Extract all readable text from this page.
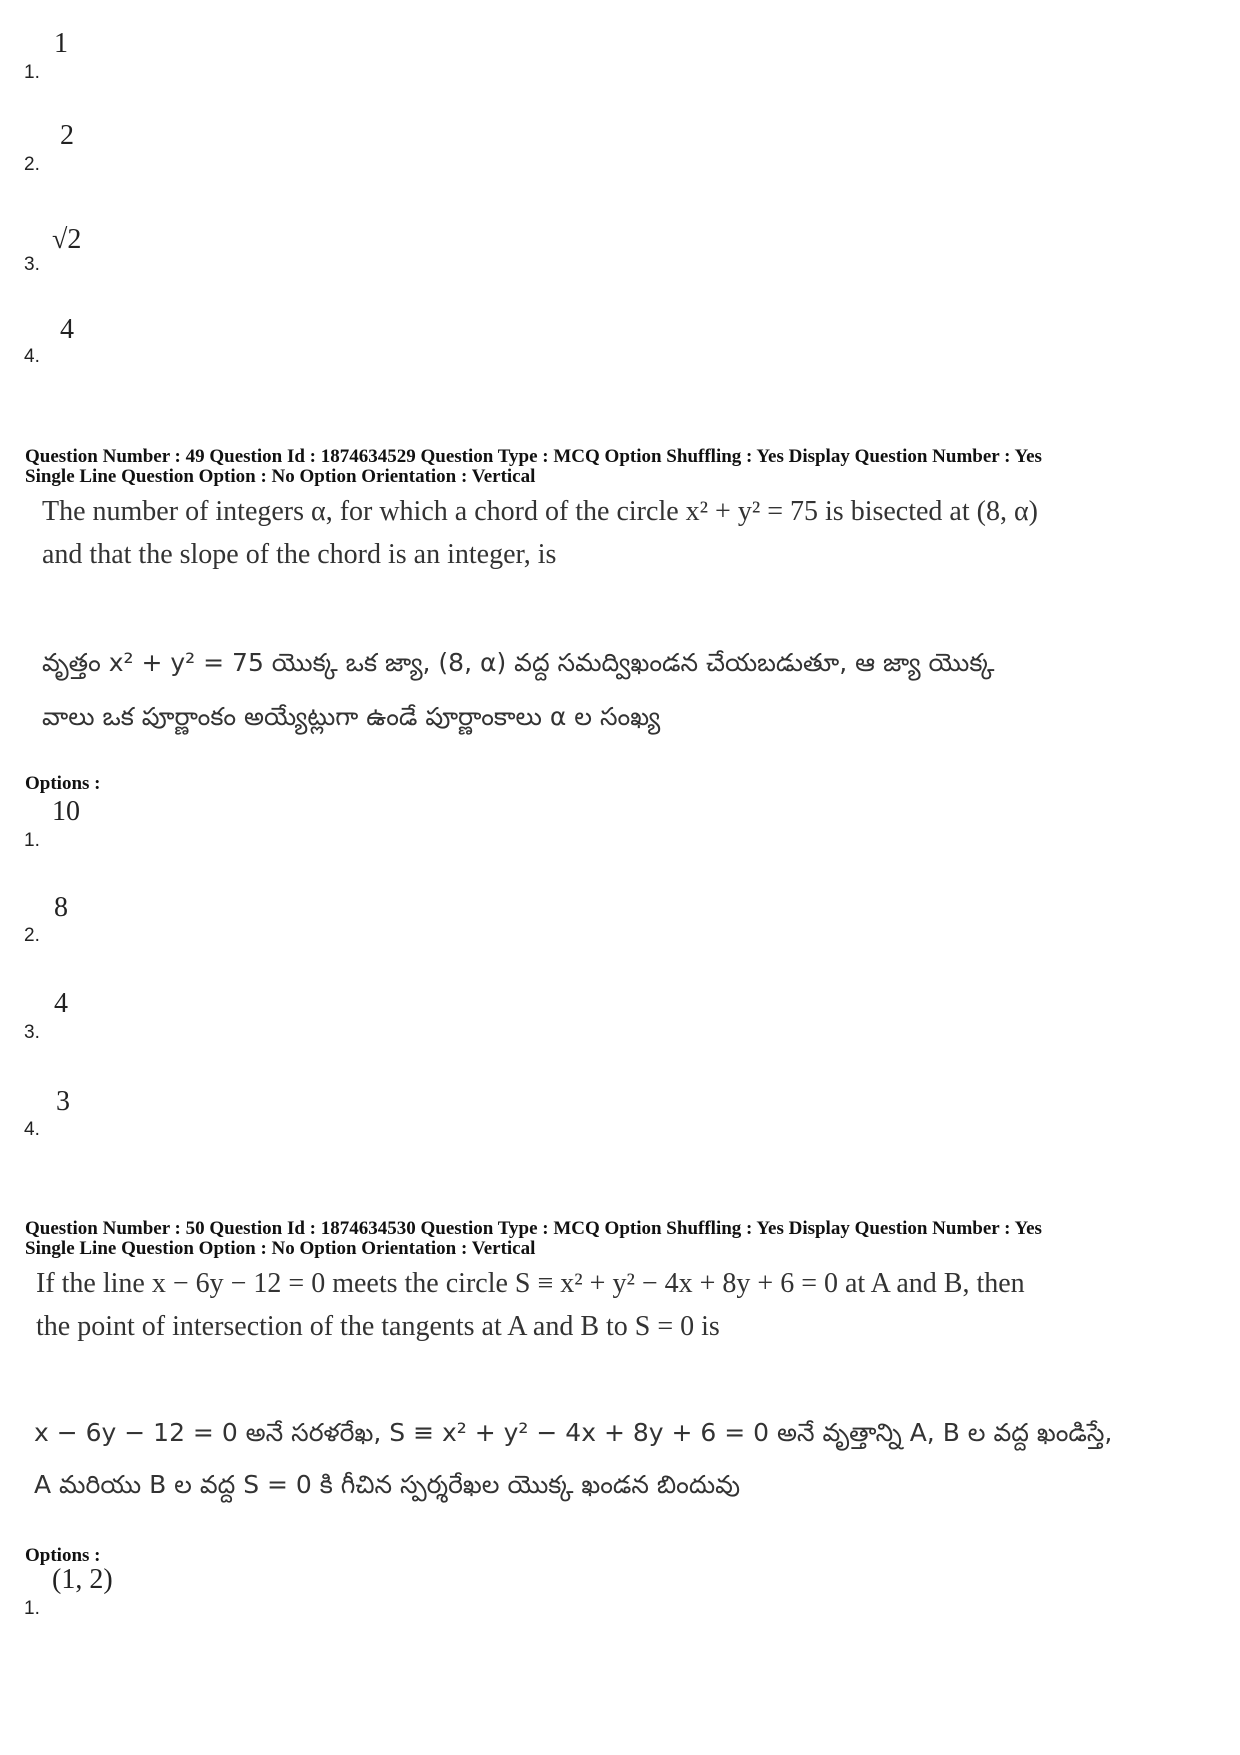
1.
1
2.
2
3.
√2
4.
4
Question Number : 49 Question Id : 1874634529 Question Type : MCQ Option Shuffling : Yes Display Question Number : Yes
Single Line Question Option : No Option Orientation : Vertical
The number of integers α, for which a chord of the circle x² + y² = 75 is bisected at (8, α)
and that the slope of the chord is an integer, is
వృత్తం x² + y² = 75 యొక్క ఒక జ్యా, (8, α) వద్ద సమద్విఖండన చేయబడుతూ, ఆ జ్యా యొక్క
వాలు ఒక పూర్ణాంకం అయ్యేట్లుగా ఉండే పూర్ణాంకాలు α ల సంఖ్య
Options :
1.
10
2.
8
3.
4
4.
3
Question Number : 50 Question Id : 1874634530 Question Type : MCQ Option Shuffling : Yes Display Question Number : Yes
Single Line Question Option : No Option Orientation : Vertical
If the line x − 6y − 12 = 0 meets the circle S ≡ x² + y² − 4x + 8y + 6 = 0 at A and B, then
the point of intersection of the tangents at A and B to S = 0 is
x − 6y − 12 = 0 అనే సరళరేఖ, S ≡ x² + y² − 4x + 8y + 6 = 0 అనే వృత్తాన్ని A, B ల వద్ద ఖండిస్తే,
A మరియు B ల వద్ద S = 0 కి గీచిన స్పర్శరేఖల యొక్క ఖండన బిందువు
Options :
1.
(1, 2)
